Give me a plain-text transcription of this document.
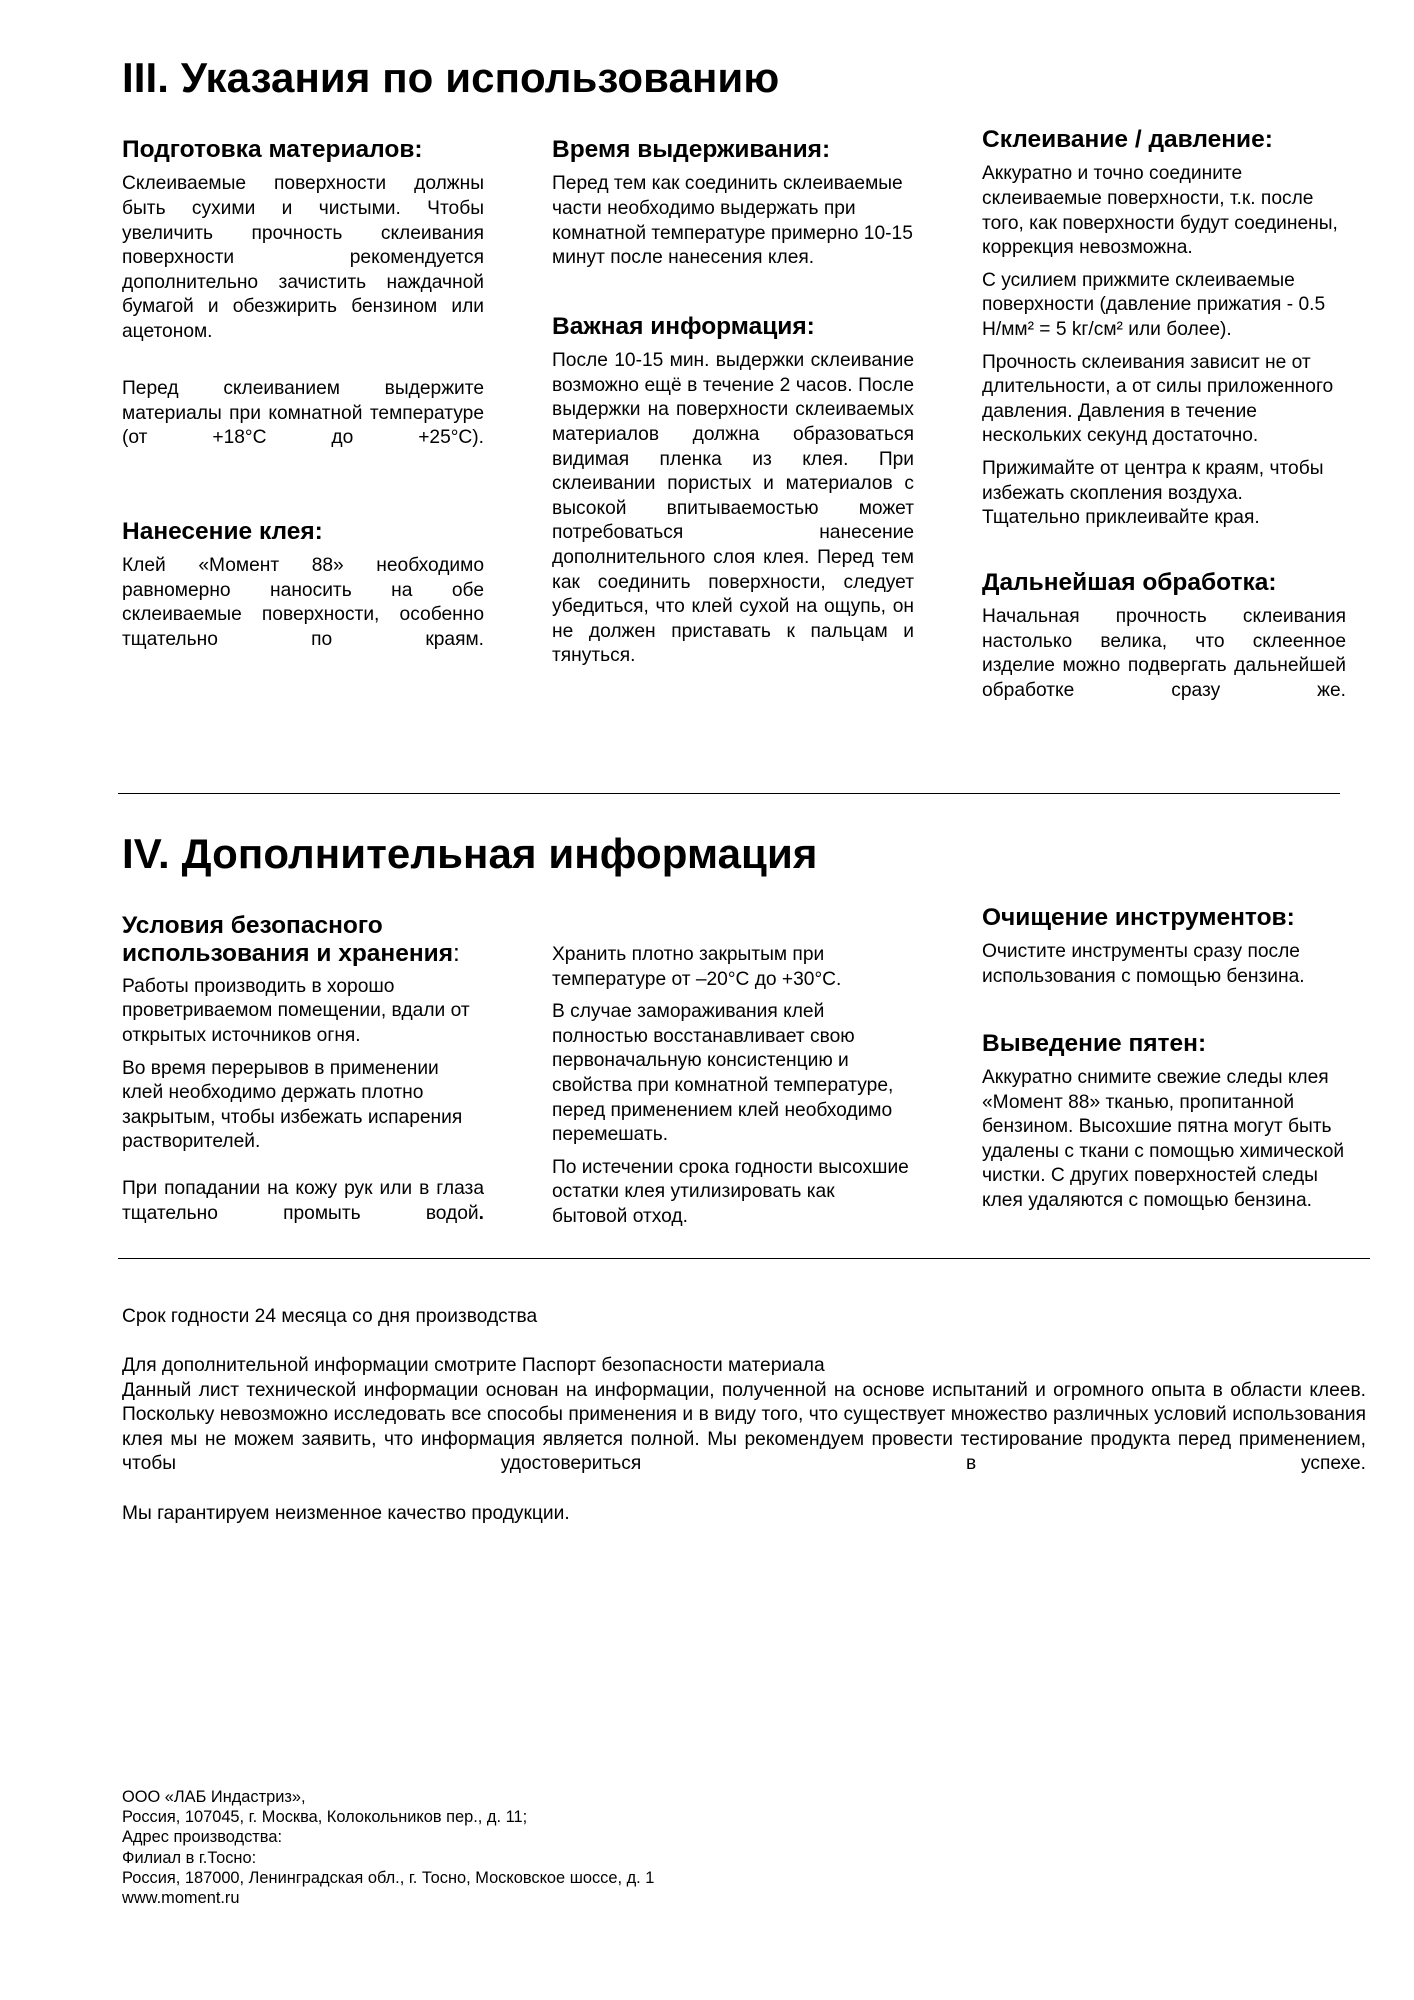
III. Указания по использованию
Подготовка материалов:

Склеиваемые поверхности должны быть сухими и чистыми. Чтобы увеличить прочность склеивания поверхности рекомендуется дополнительно зачистить наждачной бумагой и обезжирить бензином или ацетоном.

Перед склеиванием выдержите материалы при комнатной температуре (от +18°С до +25°С).

Нанесение клея:

Клей «Момент 88» необходимо равномерно наносить на обе склеиваемые поверхности, особенно тщательно по краям.

Время выдерживания:

Перед тем как соединить склеиваемые части необходимо выдержать при комнатной температуре примерно 10-15 минут после нанесения клея.

Важная информация:

После 10-15 мин. выдержки склеивание возможно ещё в течение 2 часов. После выдержки на поверхности склеиваемых материалов должна образоваться видимая пленка из клея. При склеивании пористых и материалов с высокой впитываемостью может потребоваться нанесение дополнительного слоя клея. Перед тем как соединить поверхности, следует убедиться, что клей сухой на ощупь, он не должен приставать к пальцам и тянуться.

Склеивание / давление:

Аккуратно и точно соедините склеиваемые поверхности, т.к. после того, как поверхности будут соединены, коррекция невозможна.

С усилием прижмите склеиваемые поверхности (давление прижатия - 0.5 Н/мм² = 5 kг/см² или более).

Прочность склеивания зависит не от длительности, а от силы приложенного давления. Давления в течение нескольких секунд достаточно.

Прижимайте от центра к краям, чтобы избежать скопления воздуха. Тщательно приклеивайте края.

Дальнейшая обработка:

Начальная прочность склеивания настолько велика, что склеенное изделие можно подвергать дальнейшей обработке сразу же.

IV. Дополнительная информация
Условия безопасного
использования и хранения:

Работы производить в хорошо проветриваемом помещении, вдали от открытых источников огня.

Во время перерывов в применении клей необходимо держать плотно закрытым, чтобы избежать испарения растворителей.

При попадании на кожу рук или в глаза тщательно промыть водой.

Хранить плотно закрытым при температуре от –20°С до +30°С.

В случае замораживания клей полностью восстанавливает свою первоначальную консистенцию и свойства при комнатной температуре, перед применением клей необходимо перемешать.

По истечении срока годности высохшие остатки клея утилизировать как бытовой отход.

Очищение инструментов:

Очистите инструменты сразу после использования с помощью бензина.

Выведение пятен:

Аккуратно снимите свежие следы клея «Момент 88» тканью, пропитанной бензином. Высохшие пятна могут быть удалены с ткани с помощью химической чистки. С других поверхностей следы клея удаляются с помощью бензина.

Срок годности 24 месяца со дня производства

Для дополнительной информации смотрите Паспорт безопасности материала

Данный лист технической информации основан на информации, полученной на основе испытаний и огромного опыта в области клеев. Поскольку невозможно исследовать все способы применения и в виду того, что существует множество различных условий использования клея мы не можем заявить, что информация является полной. Мы рекомендуем провести тестирование продукта перед применением, чтобы удостовериться в успехе.

Мы гарантируем неизменное качество продукции.

ООО «ЛАБ Индастриз»,

Россия, 107045, г. Москва, Колокольников пер., д. 11;

Адрес производства:

Филиал в г.Тосно:

Россия, 187000, Ленинградская обл., г. Тосно, Московское шоссе, д. 1

www.moment.ru
